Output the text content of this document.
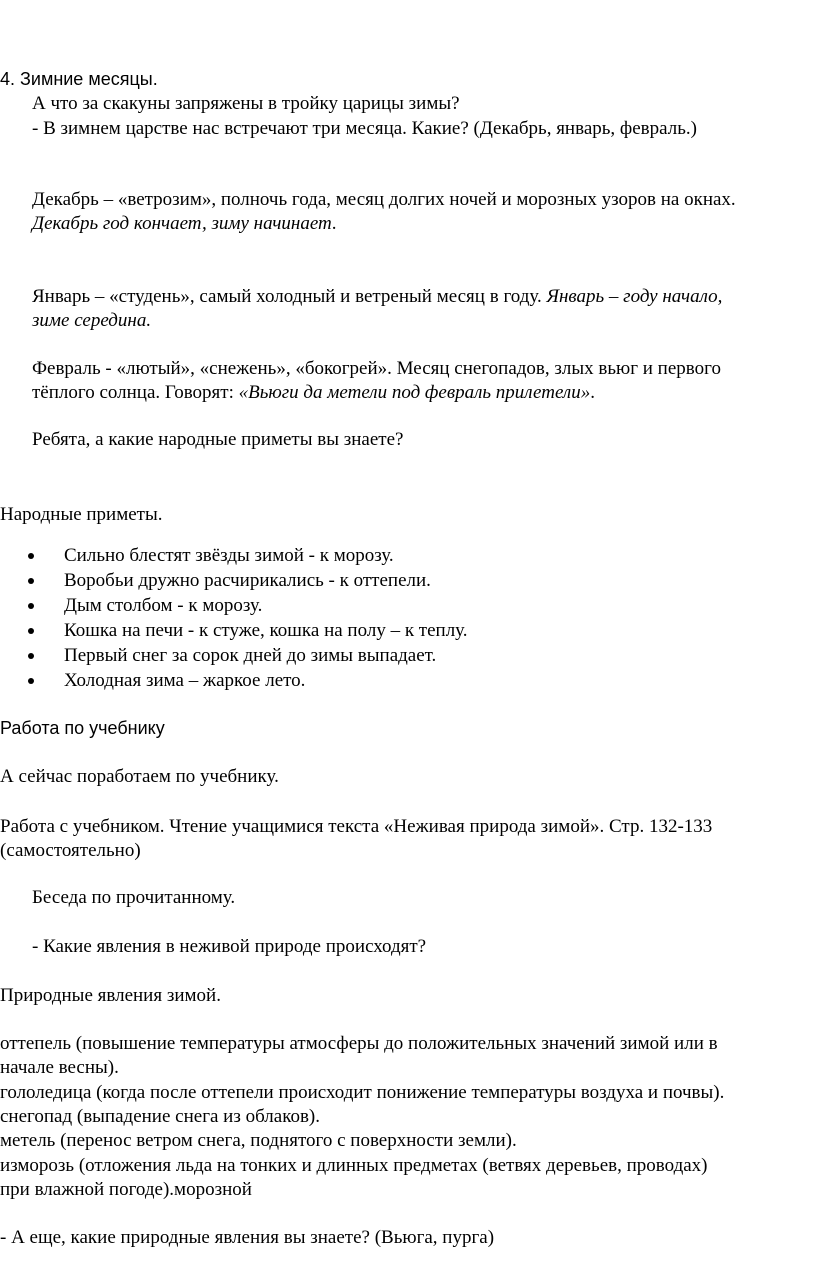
4. Зимние месяцы.
А что за скакуны запряжены в тройку царицы зимы?
- В зимнем царстве нас встречают три месяца. Какие? (Декабрь, январь, февраль.)
Декабрь – «ветрозим», полночь года, месяц долгих ночей и морозных узоров на окнах.
Декабрь год кончает, зиму начинает.
Январь – «студень», самый холодный и ветреный месяц в году. Январь – году начало,
зиме середина.
Февраль - «лютый», «снежень», «бокогрей». Месяц снегопадов, злых вьюг и первого
тёплого солнца. Говорят: «Вьюги да метели под февраль прилетели».
Ребята, а какие народные приметы вы знаете?
Народные приметы.
Сильно блестят звёзды зимой - к морозу.
Воробьи дружно расчирикались - к оттепели.
Дым столбом - к морозу.
Кошка на печи - к стуже, кошка на полу – к теплу.
Первый снег за сорок дней до зимы выпадает.
Холодная зима – жаркое лето.
Работа по учебнику
А сейчас поработаем по учебнику.
Работа с учебником. Чтение учащимися текста «Неживая природа зимой». Стр. 132-133
(самостоятельно)
Беседа по прочитанному.
- Какие явления в неживой природе происходят?
Природные явления зимой.
оттепель (повышение температуры атмосферы до положительных значений зимой или в
начале весны).
гололедица (когда после оттепели происходит понижение температуры воздуха и почвы).
снегопад (выпадение снега из облаков).
метель (перенос ветром снега, поднятого с поверхности земли).
изморозь (отложения льда на тонких и длинных предметах (ветвях деревьев, проводах)
при влажной погоде).морозной
- А еще, какие природные явления вы знаете? (Вьюга, пурга)
